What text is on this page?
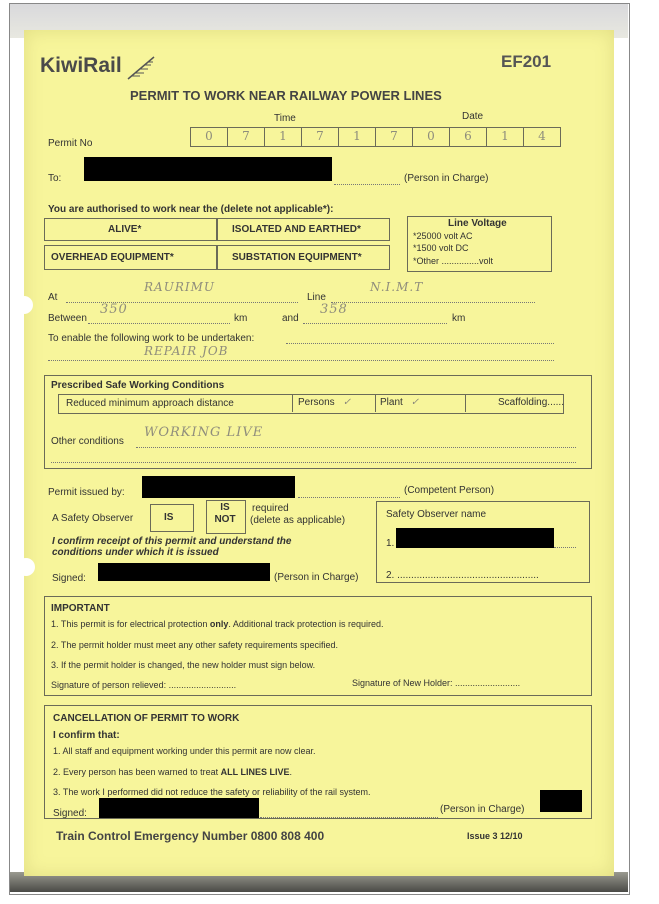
KiwiRail	EF201
PERMIT TO WORK NEAR RAILWAY POWER LINES
Time	Date
Permit No
0	7	1	7	1	7	0	6	1	4
To:	(Person in Charge)
You are authorised to work near the (delete not applicable*):
ALIVE*	ISOLATED AND EARTHED*
OVERHEAD EQUIPMENT*	SUBSTATION EQUIPMENT*
Line Voltage
*25000 volt AC
*1500 volt DC
*Other ...............volt
At
RAURIMU
Line
N.I.M.T
Between
350
km	and
358
km
To enable the following work to be undertaken:
REPAIR JOB
Prescribed Safe Working Conditions
Reduced minimum approach distance	Persons ✓	Plant ✓	Scaffolding......
Other conditions
WORKING LIVE
Permit issued by:	(Competent Person)
A Safety Observer	IS
IS NOT
required
(delete as applicable)
Safety Observer name
1.
2. ...................................................
I confirm receipt of this permit and understand the conditions under which it is issued
Signed:	(Person in Charge)
IMPORTANT
1. This permit is for electrical protection only. Additional track protection is required.
2. The permit holder must meet any other safety requirements specified.
3. If the permit holder is changed, the new holder must sign below.
Signature of person relieved: ...........................	Signature of New Holder: ..........................
CANCELLATION OF PERMIT TO WORK
I confirm that:
1. All staff and equipment working under this permit are now clear.
2. Every person has been warned to treat ALL LINES LIVE.
3. The work I performed did not reduce the safety or reliability of the rail system.
Signed:	(Person in Charge)
Train Control Emergency Number 0800 808 400	Issue 3 12/10
